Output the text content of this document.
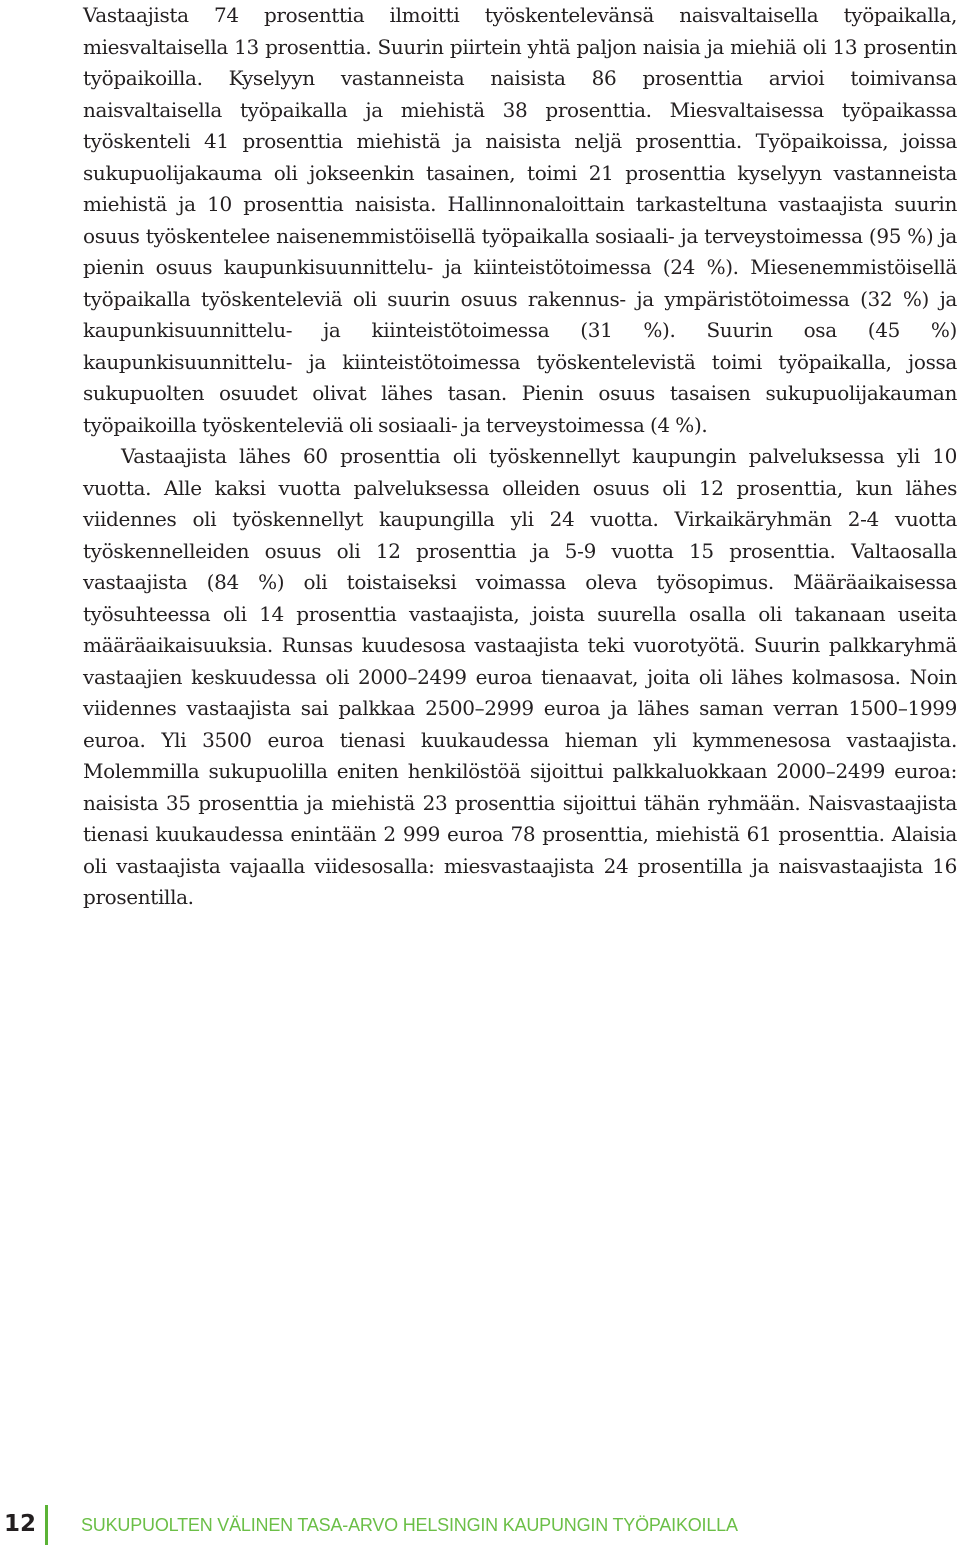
Vastaajista 74 prosenttia ilmoitti työskentelevänsä naisvaltaisella työpaikalla, miesvaltaisella 13 prosenttia. Suurin piirtein yhtä paljon naisia ja miehiä oli 13 prosentin työpaikoilla. Kyselyyn vastanneista naisista 86 prosenttia arvioi toimivansa naisvaltaisella työpaikalla ja miehistä 38 prosenttia. Miesvaltaisessa työpaikassa työskenteli 41 prosenttia miehistä ja naisista neljä prosenttia. Työpaikoissa, joissa sukupuolijakauma oli jokseenkin tasainen, toimi 21 prosenttia kyselyyn vastanneista miehistä ja 10 prosenttia naisista. Hallinnonaloittain tarkasteltuna vastaajista suurin osuus työskentelee naisenemmistöisellä työpaikalla sosiaali- ja terveystoimessa (95 %) ja pienin osuus kaupunkisuunnittelu- ja kiinteistötoimessa (24 %). Miesenemmistöisellä työpaikalla työskenteleviä oli suurin osuus rakennus- ja ympäristötoimessa (32 %) ja kaupunkisuunnittelu- ja kiinteistötoimessa (31 %). Suurin osa (45 %) kaupunkisuunnittelu- ja kiinteistötoimessa työskentelevistä toimi työpaikalla, jossa sukupuolten osuudet olivat lähes tasan. Pienin osuus tasaisen sukupuolijakauman työpaikoilla työskenteleviä oli sosiaali- ja terveystoimessa (4 %).

Vastaajista lähes 60 prosenttia oli työskennellyt kaupungin palveluksessa yli 10 vuotta. Alle kaksi vuotta palveluksessa olleiden osuus oli 12 prosenttia, kun lähes viidennes oli työskennellyt kaupungilla yli 24 vuotta. Virkaikäryhmän 2-4 vuotta työskennelleiden osuus oli 12 prosenttia ja 5-9 vuotta 15 prosenttia. Valtaosalla vastaajista (84 %) oli toistaiseksi voimassa oleva työsopimus. Määräaikaisessa työsuhteessa oli 14 prosenttia vastaajista, joista suurella osalla oli takanaan useita määräaikaisuuksia. Runsas kuudesosa vastaajista teki vuorotyötä. Suurin palkkaryhmä vastaajien keskuudessa oli 2000–2499 euroa tienaavat, joita oli lähes kolmasosa. Noin viidennes vastaajista sai palkkaa 2500–2999 euroa ja lähes saman verran 1500–1999 euroa. Yli 3500 euroa tienasi kuukaudessa hieman yli kymmenesosa vastaajista. Molemmilla sukupuolilla eniten henkilöstöä sijoittui palkkaluokkaan 2000–2499 euroa: naisista 35 prosenttia ja miehistä 23 prosenttia sijoittui tähän ryhmään. Naisvastaajista tienasi kuukaudessa enintään 2 999 euroa 78 prosenttia, miehistä 61 prosenttia. Alaisia oli vastaajista vajaalla viidesosalla: miesvastaajista 24 prosentilla ja naisvastaajista 16 prosentilla.

12 SUKUPUOLTEN VÄLINEN TASA-ARVO HELSINGIN KAUPUNGIN TYÖPAIKOILLA
